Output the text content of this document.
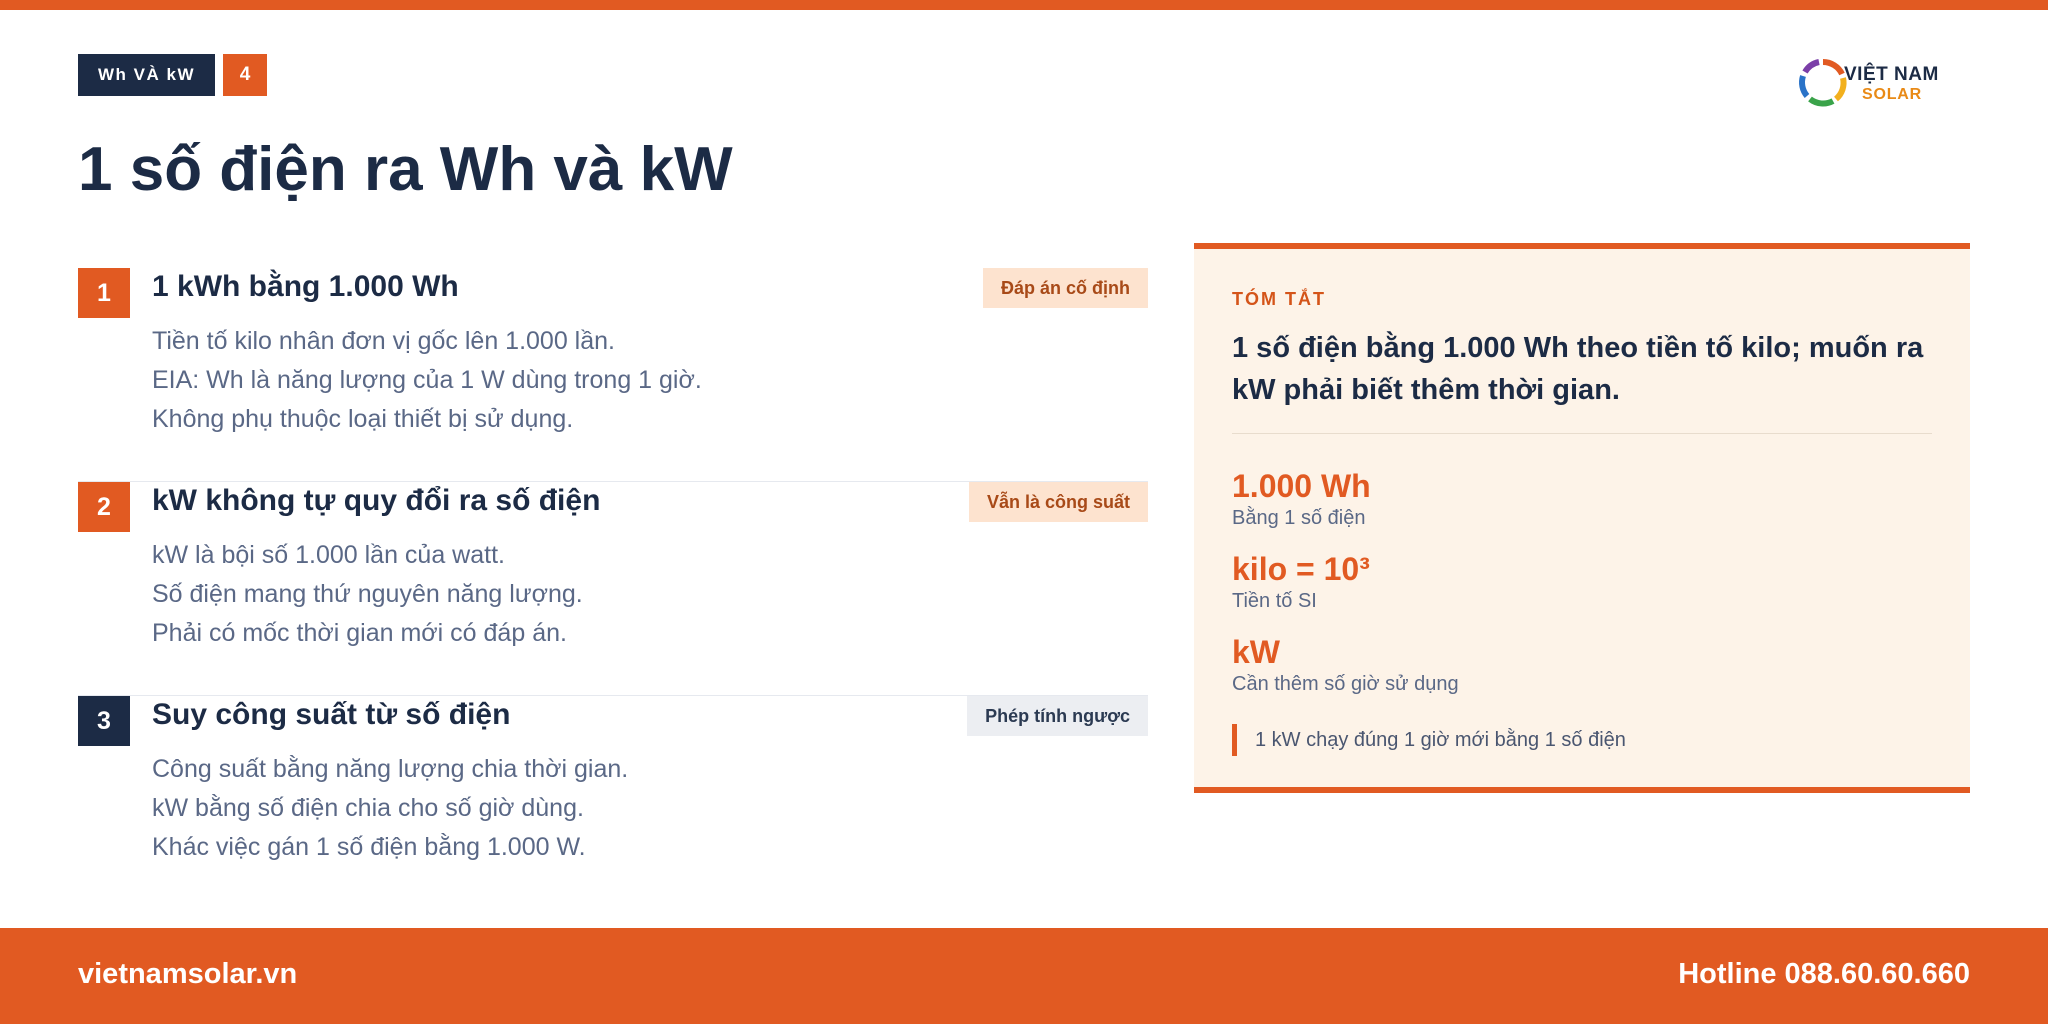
Wh VÀ kW	4	VIỆT NAM
SOLAR
1 số điện ra Wh và kW
1	1 kWh bằng 1.000 Wh	Đáp án cố định
Tiền tố kilo nhân đơn vị gốc lên 1.000 lần.
EIA: Wh là năng lượng của 1 W dùng trong 1 giờ.
Không phụ thuộc loại thiết bị sử dụng.
2	kW không tự quy đổi ra số điện	Vẫn là công suất
kW là bội số 1.000 lần của watt.
Số điện mang thứ nguyên năng lượng.
Phải có mốc thời gian mới có đáp án.
3	Suy công suất từ số điện	Phép tính ngược
Công suất bằng năng lượng chia thời gian.
kW bằng số điện chia cho số giờ dùng.
Khác việc gán 1 số điện bằng 1.000 W.
TÓM TẮT
1 số điện bằng 1.000 Wh theo tiền tố kilo; muốn ra kW phải biết thêm thời gian.
1.000 Wh
Bằng 1 số điện
kilo = 10³
Tiền tố SI
kW
Cần thêm số giờ sử dụng
1 kW chạy đúng 1 giờ mới bằng 1 số điện
vietnamsolar.vn	Hotline 088.60.60.660
